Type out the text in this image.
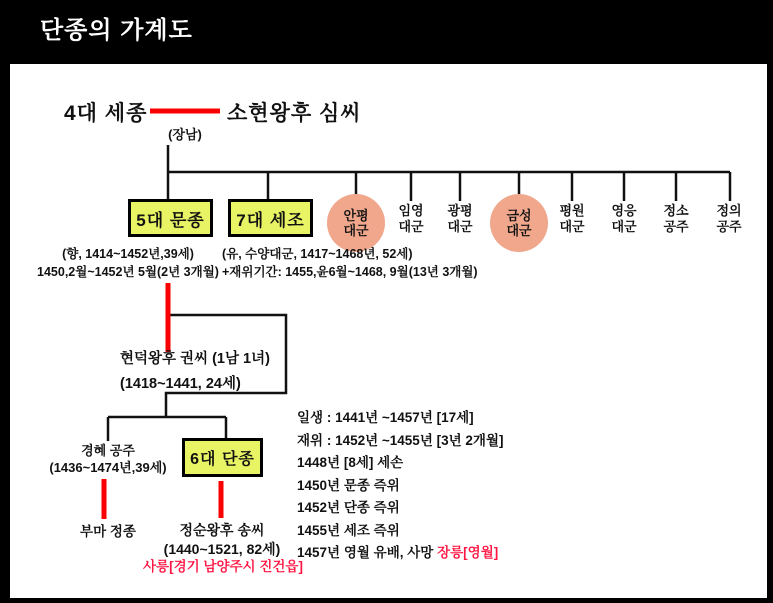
단종의 가계도
4대 세종	소현왕후 심씨
(장남)
5대 문종 7대 세조	안평
대군
임영
대군
광평
대군
금성
대군
평원
대군
영응
대군
정소
공주
정의
공주
(향, 1414~1452년,39세)
1450,2월~1452년 5월(2년 3개월)
(유, 수양대군, 1417~1468년, 52세)
+재위기간: 1455,윤6월~1468, 9월(13년 3개월)
현덕왕후 권씨 (1남 1녀)
(1418~1441, 24세)
경혜 공주
(1436~1474년,39세)
부마 정종
6대 단종
정순왕후 송씨
(1440~1521, 82세)
사릉[경기 남양주시 진건읍]
일생 : 1441년 ~1457년 [17세]
재위 : 1452년 ~1455년 [3년 2개월]
1448년 [8세] 세손
1450년 문종 즉위
1452년 단종 즉위
1455년 세조 즉위
1457년 영월 유배, 사망 장릉[영월]
